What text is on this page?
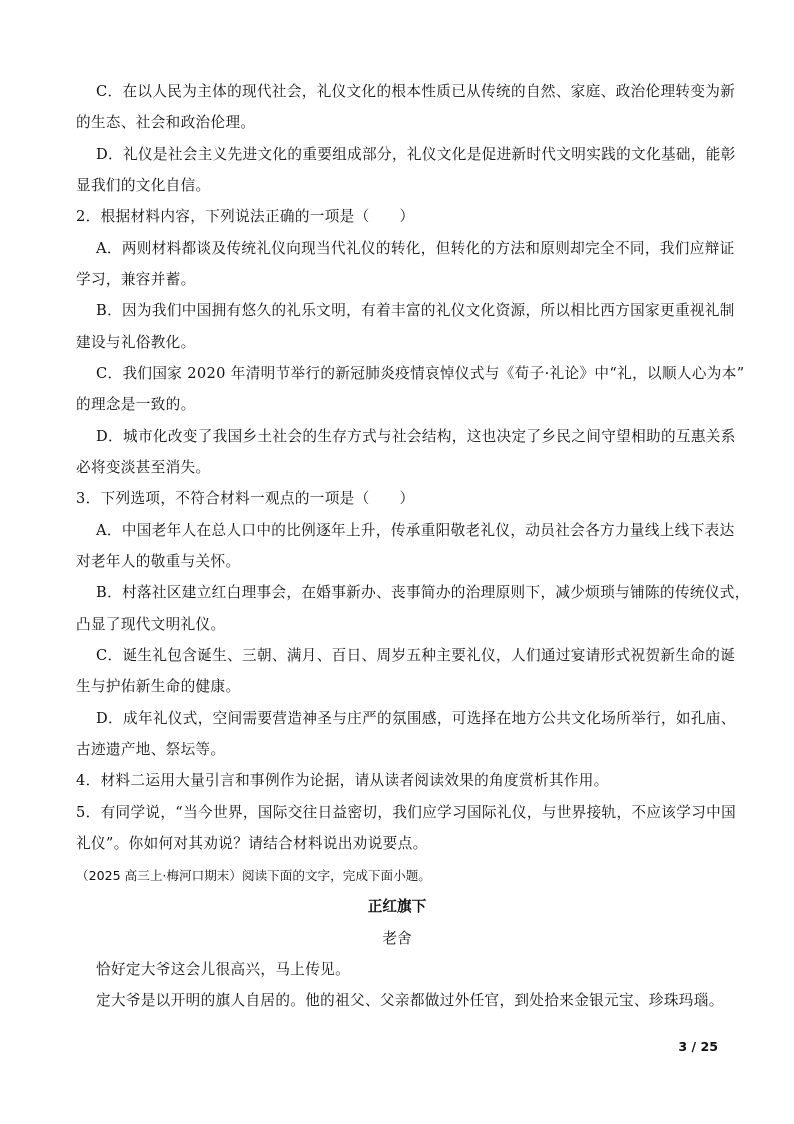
C．在以人民为主体的现代社会，礼仪文化的根本性质已从传统的自然、家庭、政治伦理转变为新
的生态、社会和政治伦理。
D．礼仪是社会主义先进文化的重要组成部分，礼仪文化是促进新时代文明实践的文化基础，能彰
显我们的文化自信。
2．根据材料内容，下列说法正确的一项是（　　）
A．两则材料都谈及传统礼仪向现当代礼仪的转化，但转化的方法和原则却完全不同，我们应辩证
学习，兼容并蓄。
B．因为我们中国拥有悠久的礼乐文明，有着丰富的礼仪文化资源，所以相比西方国家更重视礼制
建设与礼俗教化。
C．我们国家 2020 年清明节举行的新冠肺炎疫情哀悼仪式与《荀子·礼论》中“礼，以顺人心为本”
的理念是一致的。
D．城市化改变了我国乡土社会的生存方式与社会结构，这也决定了乡民之间守望相助的互惠关系
必将变淡甚至消失。
3．下列选项，不符合材料一观点的一项是（　　）
A．中国老年人在总人口中的比例逐年上升，传承重阳敬老礼仪，动员社会各方力量线上线下表达
对老年人的敬重与关怀。
B．村落社区建立红白理事会，在婚事新办、丧事简办的治理原则下，减少烦琐与铺陈的传统仪式，
凸显了现代文明礼仪。
C．诞生礼包含诞生、三朝、满月、百日、周岁五种主要礼仪，人们通过宴请形式祝贺新生命的诞
生与护佑新生命的健康。
D．成年礼仪式，空间需要营造神圣与庄严的氛围感，可选择在地方公共文化场所举行，如孔庙、
古迹遗产地、祭坛等。
4．材料二运用大量引言和事例作为论据，请从读者阅读效果的角度赏析其作用。
5．有同学说，“当今世界，国际交往日益密切，我们应学习国际礼仪，与世界接轨，不应该学习中国
礼仪”。你如何对其劝说？请结合材料说出劝说要点。
（2025 高三上·梅河口期末）阅读下面的文字，完成下面小题。
正红旗下
老舍
恰好定大爷这会儿很高兴，马上传见。
定大爷是以开明的旗人自居的。他的祖父、父亲都做过外任官，到处拾来金银元宝、珍珠玛瑙。
3 / 25
